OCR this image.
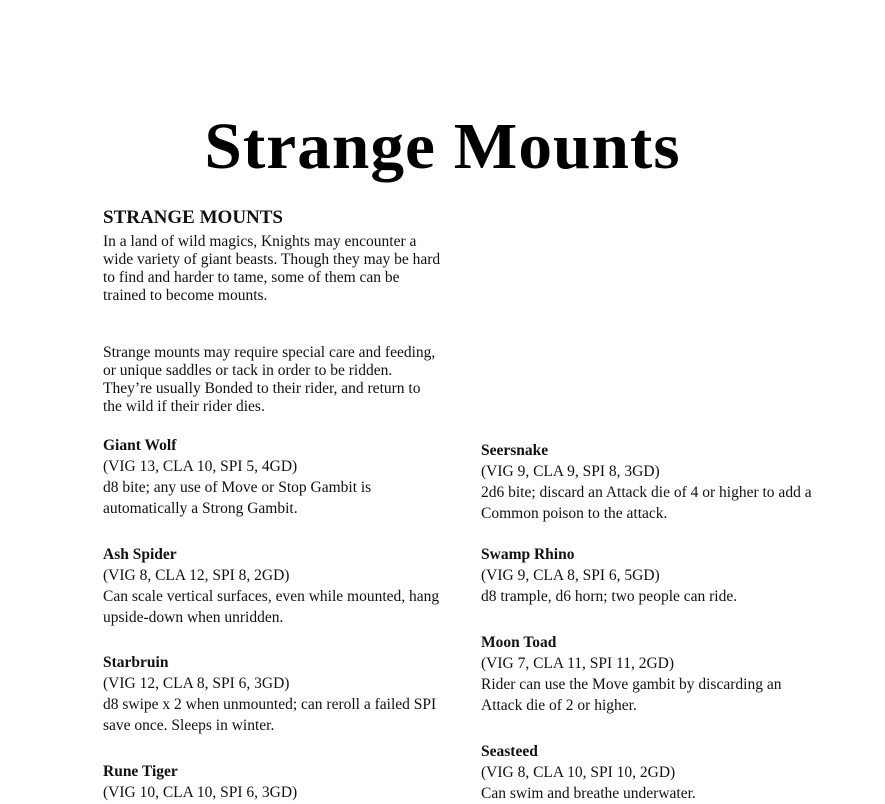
Strange Mounts
STRANGE MOUNTS

In a land of wild magics, Knights may encounter a wide variety of giant beasts. Though they may be hard to find and harder to tame, some of them can be trained to become mounts.

Strange mounts may require special care and feeding, or unique saddles or tack in order to be ridden. They’re usually Bonded to their rider, and return to the wild if their rider dies.

Giant Wolf
(VIG 13, CLA 10, SPI 5, 4GD)
d8 bite; any use of Move or Stop Gambit is automatically a Strong Gambit.
Ash Spider
(VIG 8, CLA 12, SPI 8, 2GD)
Can scale vertical surfaces, even while mounted, hang upside-down when unridden.
Starbruin
(VIG 12, CLA 8, SPI 6, 3GD)
d8 swipe x 2 when unmounted; can reroll a failed SPI save once. Sleeps in winter.
Rune Tiger
(VIG 10, CLA 10, SPI 6, 3GD)
Seersnake
(VIG 9, CLA 9, SPI 8, 3GD)
2d6 bite; discard an Attack die of 4 or higher to add a Common poison to the attack.
Swamp Rhino
(VIG 9, CLA 8, SPI 6, 5GD)
d8 trample, d6 horn; two people can ride.
Moon Toad
(VIG 7, CLA 11, SPI 11, 2GD)
Rider can use the Move gambit by discarding an Attack die of 2 or higher.
Seasteed
(VIG 8, CLA 10, SPI 10, 2GD)
Can swim and breathe underwater.
